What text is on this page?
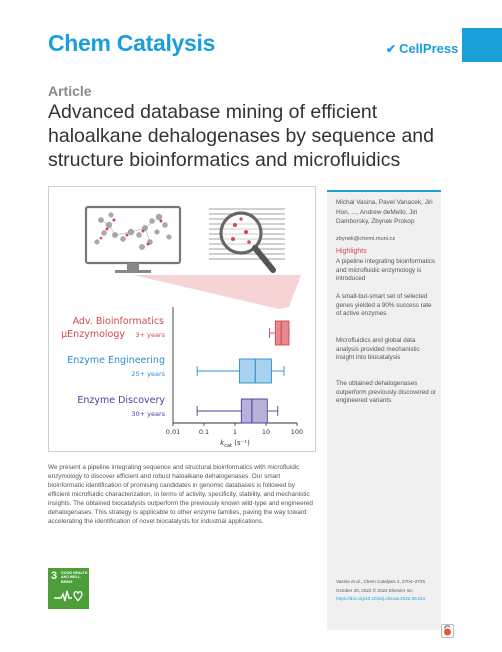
Chem Catalysis	✔ CellPress
Article
Advanced database mining of efficient haloalkane dehalogenases by sequence and structure bioinformatics and microfluidics
Adv. Bioinformatics
µEnzymology 3+ years
Enzyme Engineering
25+ years
Enzyme Discovery
30+ years
0.01	0.1	1	10	100
$k_{cat}$ (s⁻¹)
Michal Vasina, Pavel Vanacek, Jiri Hon, ..., Andrew deMello, Jiri Damborsky, Zbynek Prokop
zbynek@chemi.muni.cz
Highlights
A pipeline integrating bioinformatics and microfluidic enzymology is introduced
A small-but-smart set of selected genes yielded a 90% success rate of active enzymes
Microfluidics and global data analysis provided mechanistic insight into biocatalysis
The obtained dehalogenases outperform previously discovered or engineered variants
Vasina et al., Chem Catalysis 2, 2704–2725
October 20, 2022 © 2022 Elsevier Inc.
https://doi.org/10.1016/j.checat.2022.09.011
We present a pipeline integrating sequence and structural bioinformatics with microfluidic enzymology to discover efficient and robust haloalkane dehalogenases. Our smart bioinformatic identification of promising candidates in genomic databases is followed by efficient microfluidic characterization, in terms of activity, specificity, stability, and mechanistic insights. The obtained biocatalysts outperform the previously known wild-type and engineered dehalogenases. This strategy is applicable to other enzyme families, paving the way toward accelerating the identification of novel biocatalysts for industrial applications.
3 GOOD HEALTH
AND WELL-BEING
